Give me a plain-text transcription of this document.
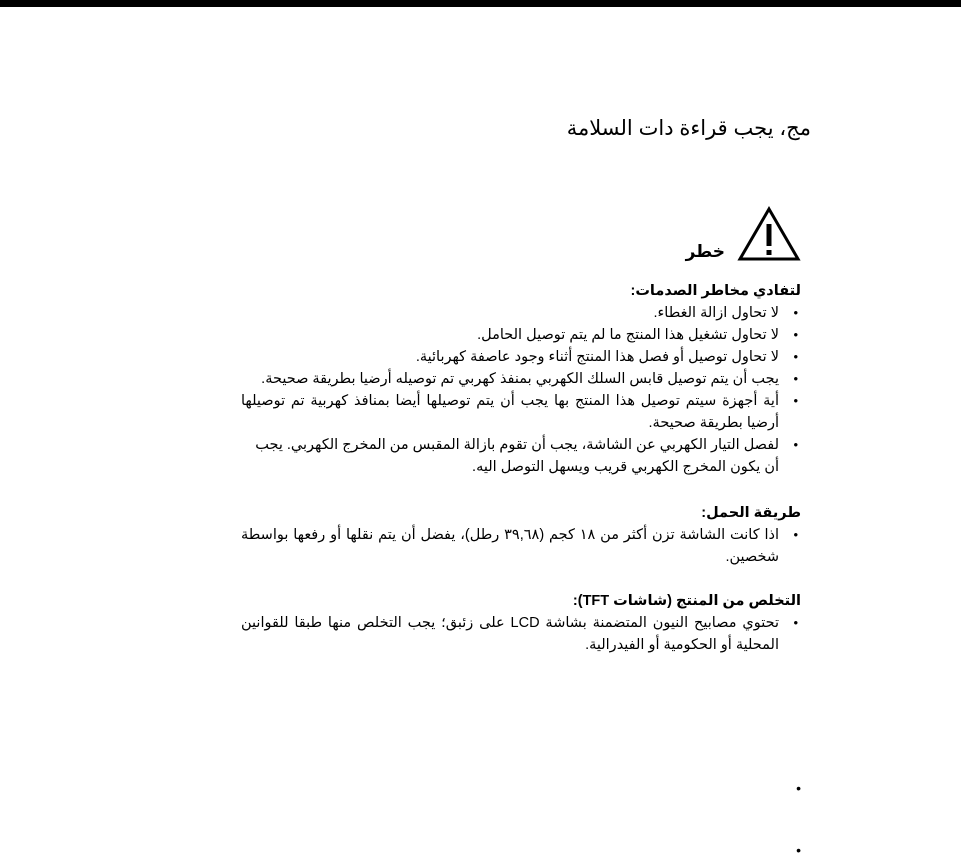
مج، يجب قراءة دات السلامة
خطر

لتفادي مخاطر الصدمات:

• لا تحاول ازالة الغطاء.
• لا تحاول تشغيل هذا المنتج ما لم يتم توصيل الحامل.
• لا تحاول توصيل أو فصل هذا المنتج أثناء وجود عاصفة كهربائية.
• يجب أن يتم توصيل قابس السلك الكهربي بمنفذ كهربي تم توصيله أرضيا بطريقة صحيحة.
• أية أجهزة سيتم توصيل هذا المنتج بها يجب أن يتم توصيلها أيضا بمنافذ كهربية تم توصيلها أرضيا بطريقة صحيحة.
• لفصل التيار الكهربي عن الشاشة، يجب أن تقوم بازالة المقبس من المخرج الكهربي. يجب أن يكون المخرج الكهربي قريب ويسهل التوصل اليه.

طريقة الحمل:

• اذا كانت الشاشة تزن أكثر من ١٨ كجم (٣٩,٦٨ رطل)، يفضل أن يتم نقلها أو رفعها بواسطة شخصين.

التخلص من المنتج (شاشات TFT):

• تحتوي مصابيح النيون المتضمنة بشاشة LCD على زئبق؛ يجب التخلص منها طبقا للقوانين المحلية أو الحكومية أو الفيدرالية.
•
•
